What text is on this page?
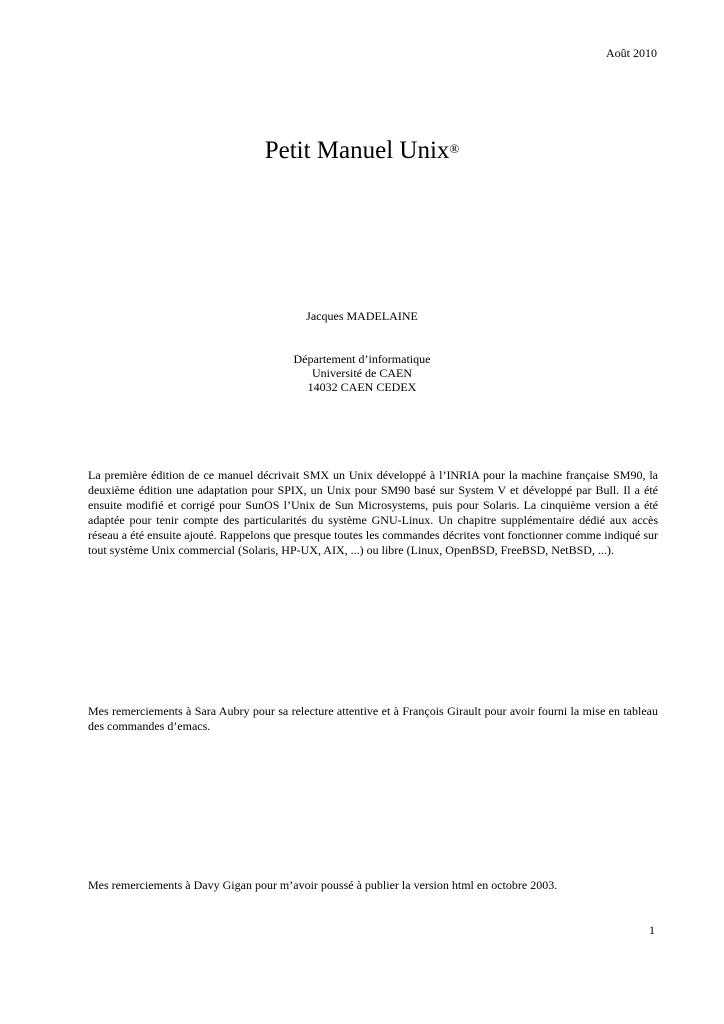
Août 2010
Petit Manuel Unix®
Jacques MADELAINE
Département d’informatique
Université de CAEN
14032 CAEN CEDEX

La première édition de ce manuel décrivait SMX un Unix développé à l’INRIA pour la machine française SM90, la deuxième édition une adaptation pour SPIX, un Unix pour SM90 basé sur System V et développé par Bull. Il a été ensuite modifié et corrigé pour SunOS l’Unix de Sun Microsystems, puis pour Solaris. La cinquième version a été adaptée pour tenir compte des particularités du système GNU-Linux. Un chapitre supplémentaire dédié aux accès réseau a été ensuite ajouté. Rappelons que presque toutes les commandes décrites vont fonctionner comme indiqué sur tout système Unix commercial (Solaris, HP-UX, AIX, ...) ou libre (Linux, OpenBSD, FreeBSD, NetBSD, ...).

Mes remerciements à Sara Aubry pour sa relecture attentive et à François Girault pour avoir fourni la mise en tableau des commandes d’emacs.

Mes remerciements à Davy Gigan pour m’avoir poussé à publier la version html en octobre 2003.

1
